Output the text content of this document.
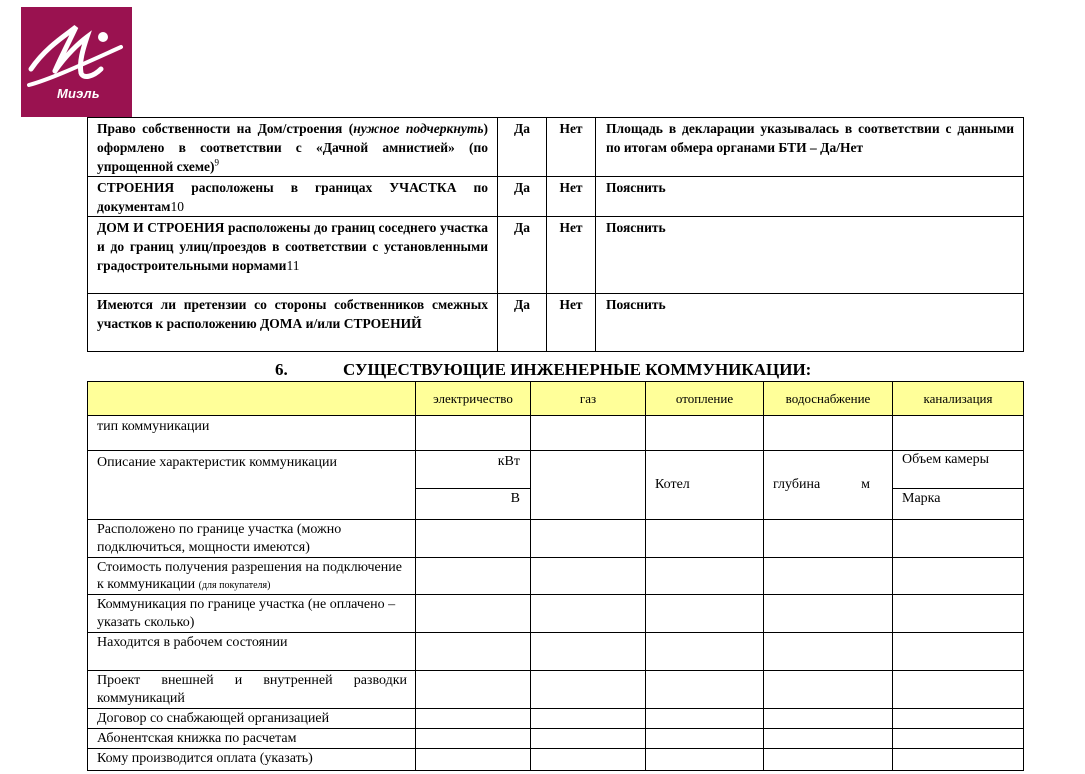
Миэль
Право собственности на Дом/строения (нужное подчеркнуть) оформлено в соответствии с «Дачной амнистией» (по упрощенной схеме)$^9$	Да	Нет	Площадь в декларации указывалась в соответствии с данными по итогам обмера органами БТИ – Да/Нет
СТРОЕНИЯ расположены в границах УЧАСТКА по документам10	Да	Нет	Пояснить
ДОМ И СТРОЕНИЯ расположены до границ соседнего участка и до границ улиц/проездов в соответствии с установленными градостроительными нормами11	Да	Нет	Пояснить
Имеются ли претензии со стороны собственников смежных участков к расположению ДОМА и/или СТРОЕНИЙ	Да	Нет	Пояснить
6.	СУЩЕСТВУЮЩИЕ ИНЖЕНЕРНЫЕ КОММУНИКАЦИИ:
	электричество	газ	отопление	водоснабжение	канализация
тип коммуникации					
Описание характеристик коммуникации	кВт		Котел	глубина м	Объем камеры
	В				Марка
Расположено по границе участка (можно подключиться, мощности имеются)					
Стоимость получения разрешения на подключение к коммуникации (для покупателя)					
Коммуникация по границе участка (не оплачено – указать сколько)					
Находится в рабочем состоянии					
Проект внешней и внутренней разводки коммуникаций					
Договор со снабжающей организацией					
Абонентская книжка по расчетам					
Кому производится оплата (указать)					
